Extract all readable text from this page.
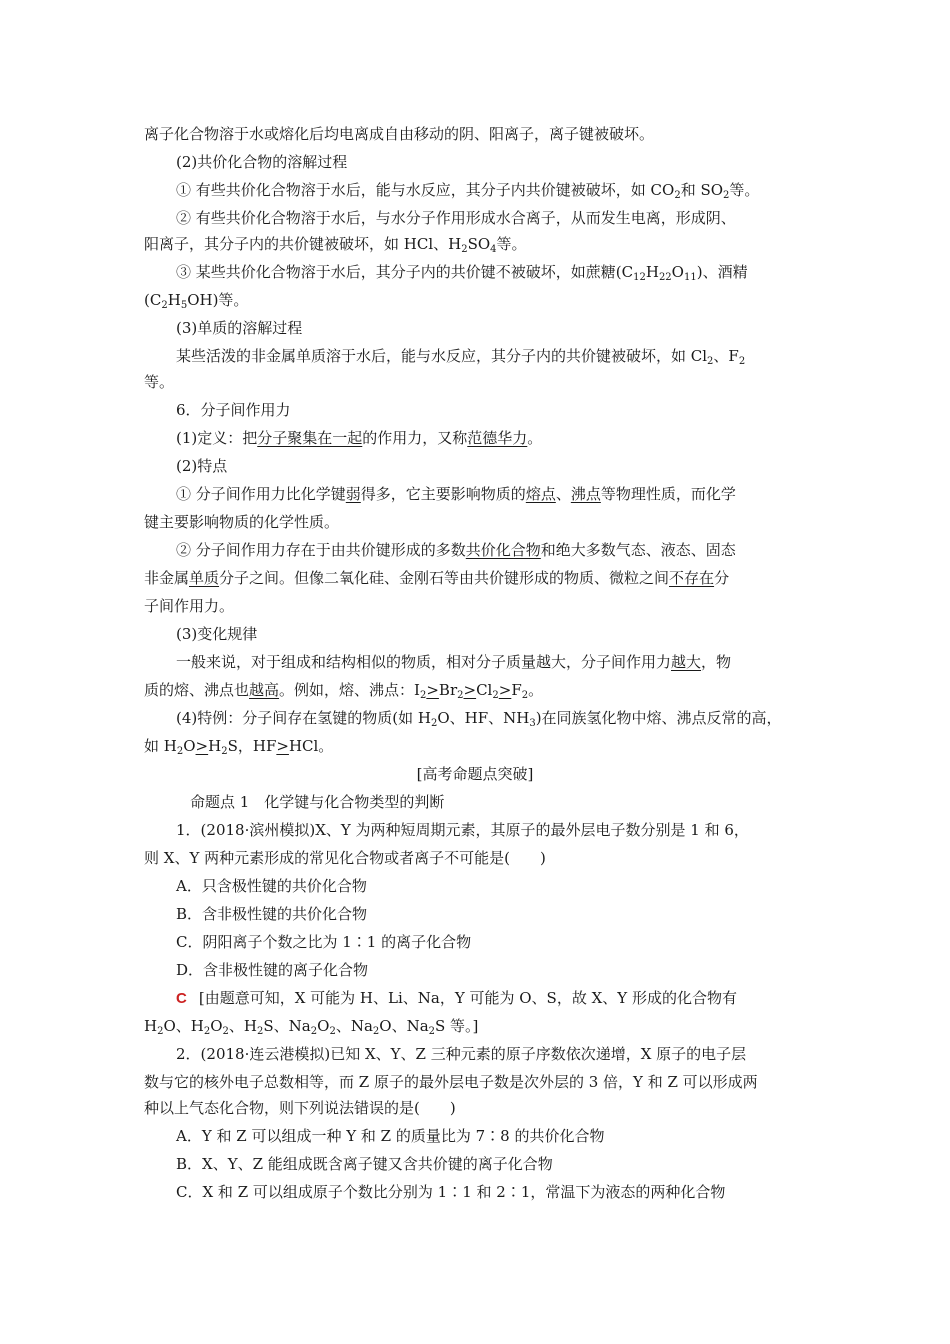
离子化合物溶于水或熔化后均电离成自由移动的阴、阳离子，离子键被破坏。
(2)共价化合物的溶解过程
① 有些共价化合物溶于水后，能与水反应，其分子内共价键被破坏，如 $CO_2$和 $SO_2$等。
② 有些共价化合物溶于水后，与水分子作用形成水合离子，从而发生电离，形成阴、
阳离子，其分子内的共价键被破坏，如 HCl、$H_2SO_4$等。
③ 某些共价化合物溶于水后，其分子内的共价键不被破坏，如蔗糖$(C_{12}H_{22}O_{11})$、酒精
$(C_2H_5OH)$等。
(3)单质的溶解过程
某些活泼的非金属单质溶于水后，能与水反应，其分子内的共价键被破坏，如 $Cl_2$、$F_2$
等。
6．分子间作用力
(1)定义：把分子聚集在一起的作用力，又称范德华力。
(2)特点
① 分子间作用力比化学键弱得多，它主要影响物质的熔点、沸点等物理性质，而化学
键主要影响物质的化学性质。
② 分子间作用力存在于由共价键形成的多数共价化合物和绝大多数气态、液态、固态
非金属单质分子之间。但像二氧化硅、金刚石等由共价键形成的物质、微粒之间不存在分
子间作用力。
(3)变化规律
一般来说，对于组成和结构相似的物质，相对分子质量越大，分子间作用力越大，物
质的熔、沸点也越高。例如，熔、沸点：$I_2>Br_2>Cl_2>F_2$。
(4)特例：分子间存在氢键的物质(如 $H_2O$、HF、$NH_3$)在同族氢化物中熔、沸点反常的高，
如 $H_2O>H_2S$，HF>HCl。
[高考命题点突破]
命题点 1　化学键与化合物类型的判断
1．(2018·滨州模拟)X、Y 为两种短周期元素，其原子的最外层电子数分别是 1 和 6，
则 X、Y 两种元素形成的常见化合物或者离子不可能是(　　)
A．只含极性键的共价化合物
B．含非极性键的共价化合物
C．阴阳离子个数之比为 1∶1 的离子化合物
D．含非极性键的离子化合物
C [由题意可知，X 可能为 H、Li、Na，Y 可能为 O、S，故 X、Y 形成的化合物有
$H_2O$、$H_2O_2$、$H_2S$、$Na_2O_2$、$Na_2O$、$Na_2S$ 等。]
2．(2018·连云港模拟)已知 X、Y、Z 三种元素的原子序数依次递增，X 原子的电子层
数与它的核外电子总数相等，而 Z 原子的最外层电子数是次外层的 3 倍，Y 和 Z 可以形成两
种以上气态化合物，则下列说法错误的是(　　)
A．Y 和 Z 可以组成一种 Y 和 Z 的质量比为 7∶8 的共价化合物
B．X、Y、Z 能组成既含离子键又含共价键的离子化合物
C．X 和 Z 可以组成原子个数比分别为 1∶1 和 2∶1，常温下为液态的两种化合物
